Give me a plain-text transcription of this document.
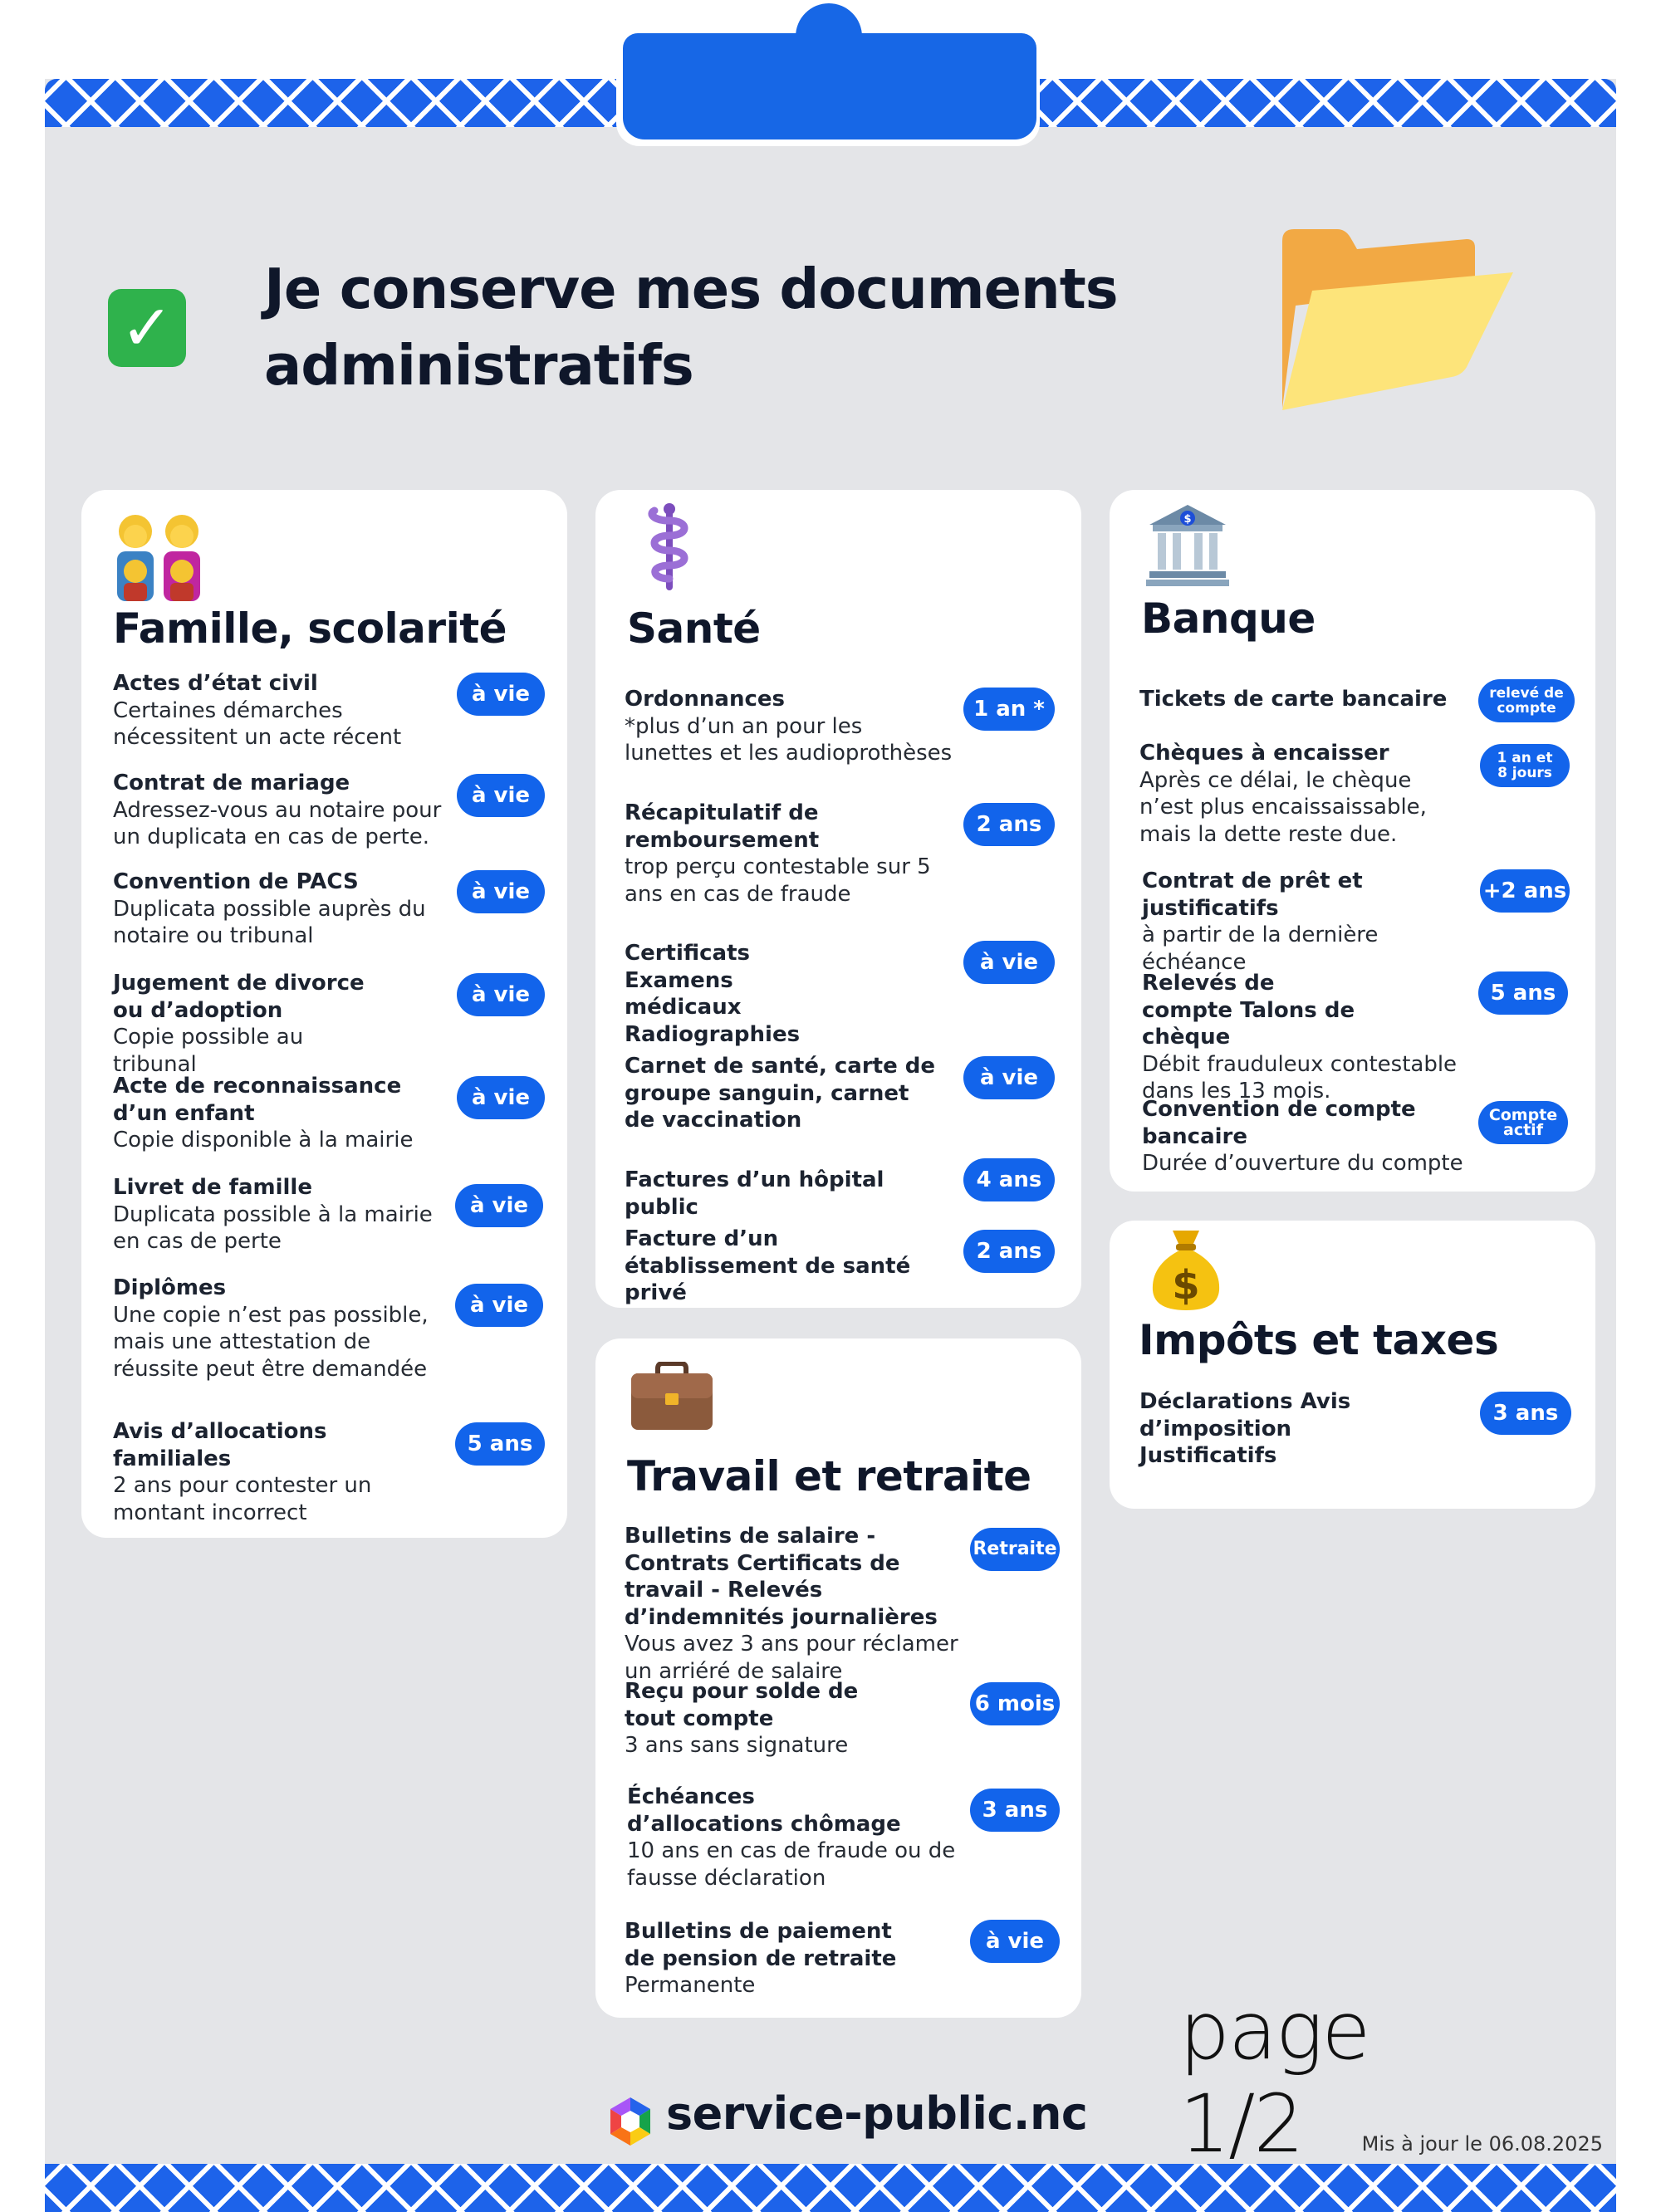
✓
Je conserve mes documents
administratifs
Famille, scolarité
Actes d’état civil
Certaines démarches nécessitent un acte récent
à vie
Contrat de mariage
Adressez-vous au notaire pour un duplicata en cas de perte.
à vie
Convention de PACS
Duplicata possible auprès du notaire ou tribunal
à vie
Jugement de divorce ou d’adoption
Copie possible au tribunal
à vie
Acte de reconnaissance d’un enfant
Copie disponible à la mairie
à vie
Livret de famille
Duplicata possible à la mairie en cas de perte
à vie
Diplômes
Une copie n’est pas possible, mais une attestation de réussite peut être demandée
à vie
Avis d’allocations familiales
2 ans pour contester un montant incorrect
5 ans
Santé
Ordonnances
*plus d’un an pour les lunettes et les audioprothèses
1 an *
Récapitulatif de remboursement
trop perçu contestable sur 5 ans en cas de fraude
2 ans
Certificats Examens médicaux Radiographies
à vie
Carnet de santé, carte de groupe sanguin, carnet de vaccination
à vie
Factures d’un hôpital public
4 ans
Facture d’un établissement de santé privé
2 ans
Travail et retraite
Bulletins de salaire - Contrats Certificats de travail - Relevés d’indemnités journalières
Vous avez 3 ans pour réclamer un arriéré de salaire
Retraite
Reçu pour solde de tout compte
3 ans sans signature
6 mois
Échéances d’allocations chômage
10 ans en cas de fraude ou de fausse déclaration
3 ans
Bulletins de paiement de pension de retraite
Permanente
à vie
$
Banque
Tickets de carte bancaire	relevé de
compte
Chèques à encaisser
Après ce délai, le chèque n’est plus encaissaissable, mais la dette reste due.
1 an et
8 jours
Contrat de prêt et justificatifs
à partir de la dernière échéance
+2 ans
Relevés de compte Talons de chèque
Débit frauduleux contestable dans les 13 mois.
5 ans
Convention de compte bancaire
Durée d’ouverture du compte
Compte
actif
$
Impôts et taxes
Déclarations Avis d’imposition Justificatifs
3 ans
page 1/2
service-public.nc
Mis à jour le 06.08.2025
